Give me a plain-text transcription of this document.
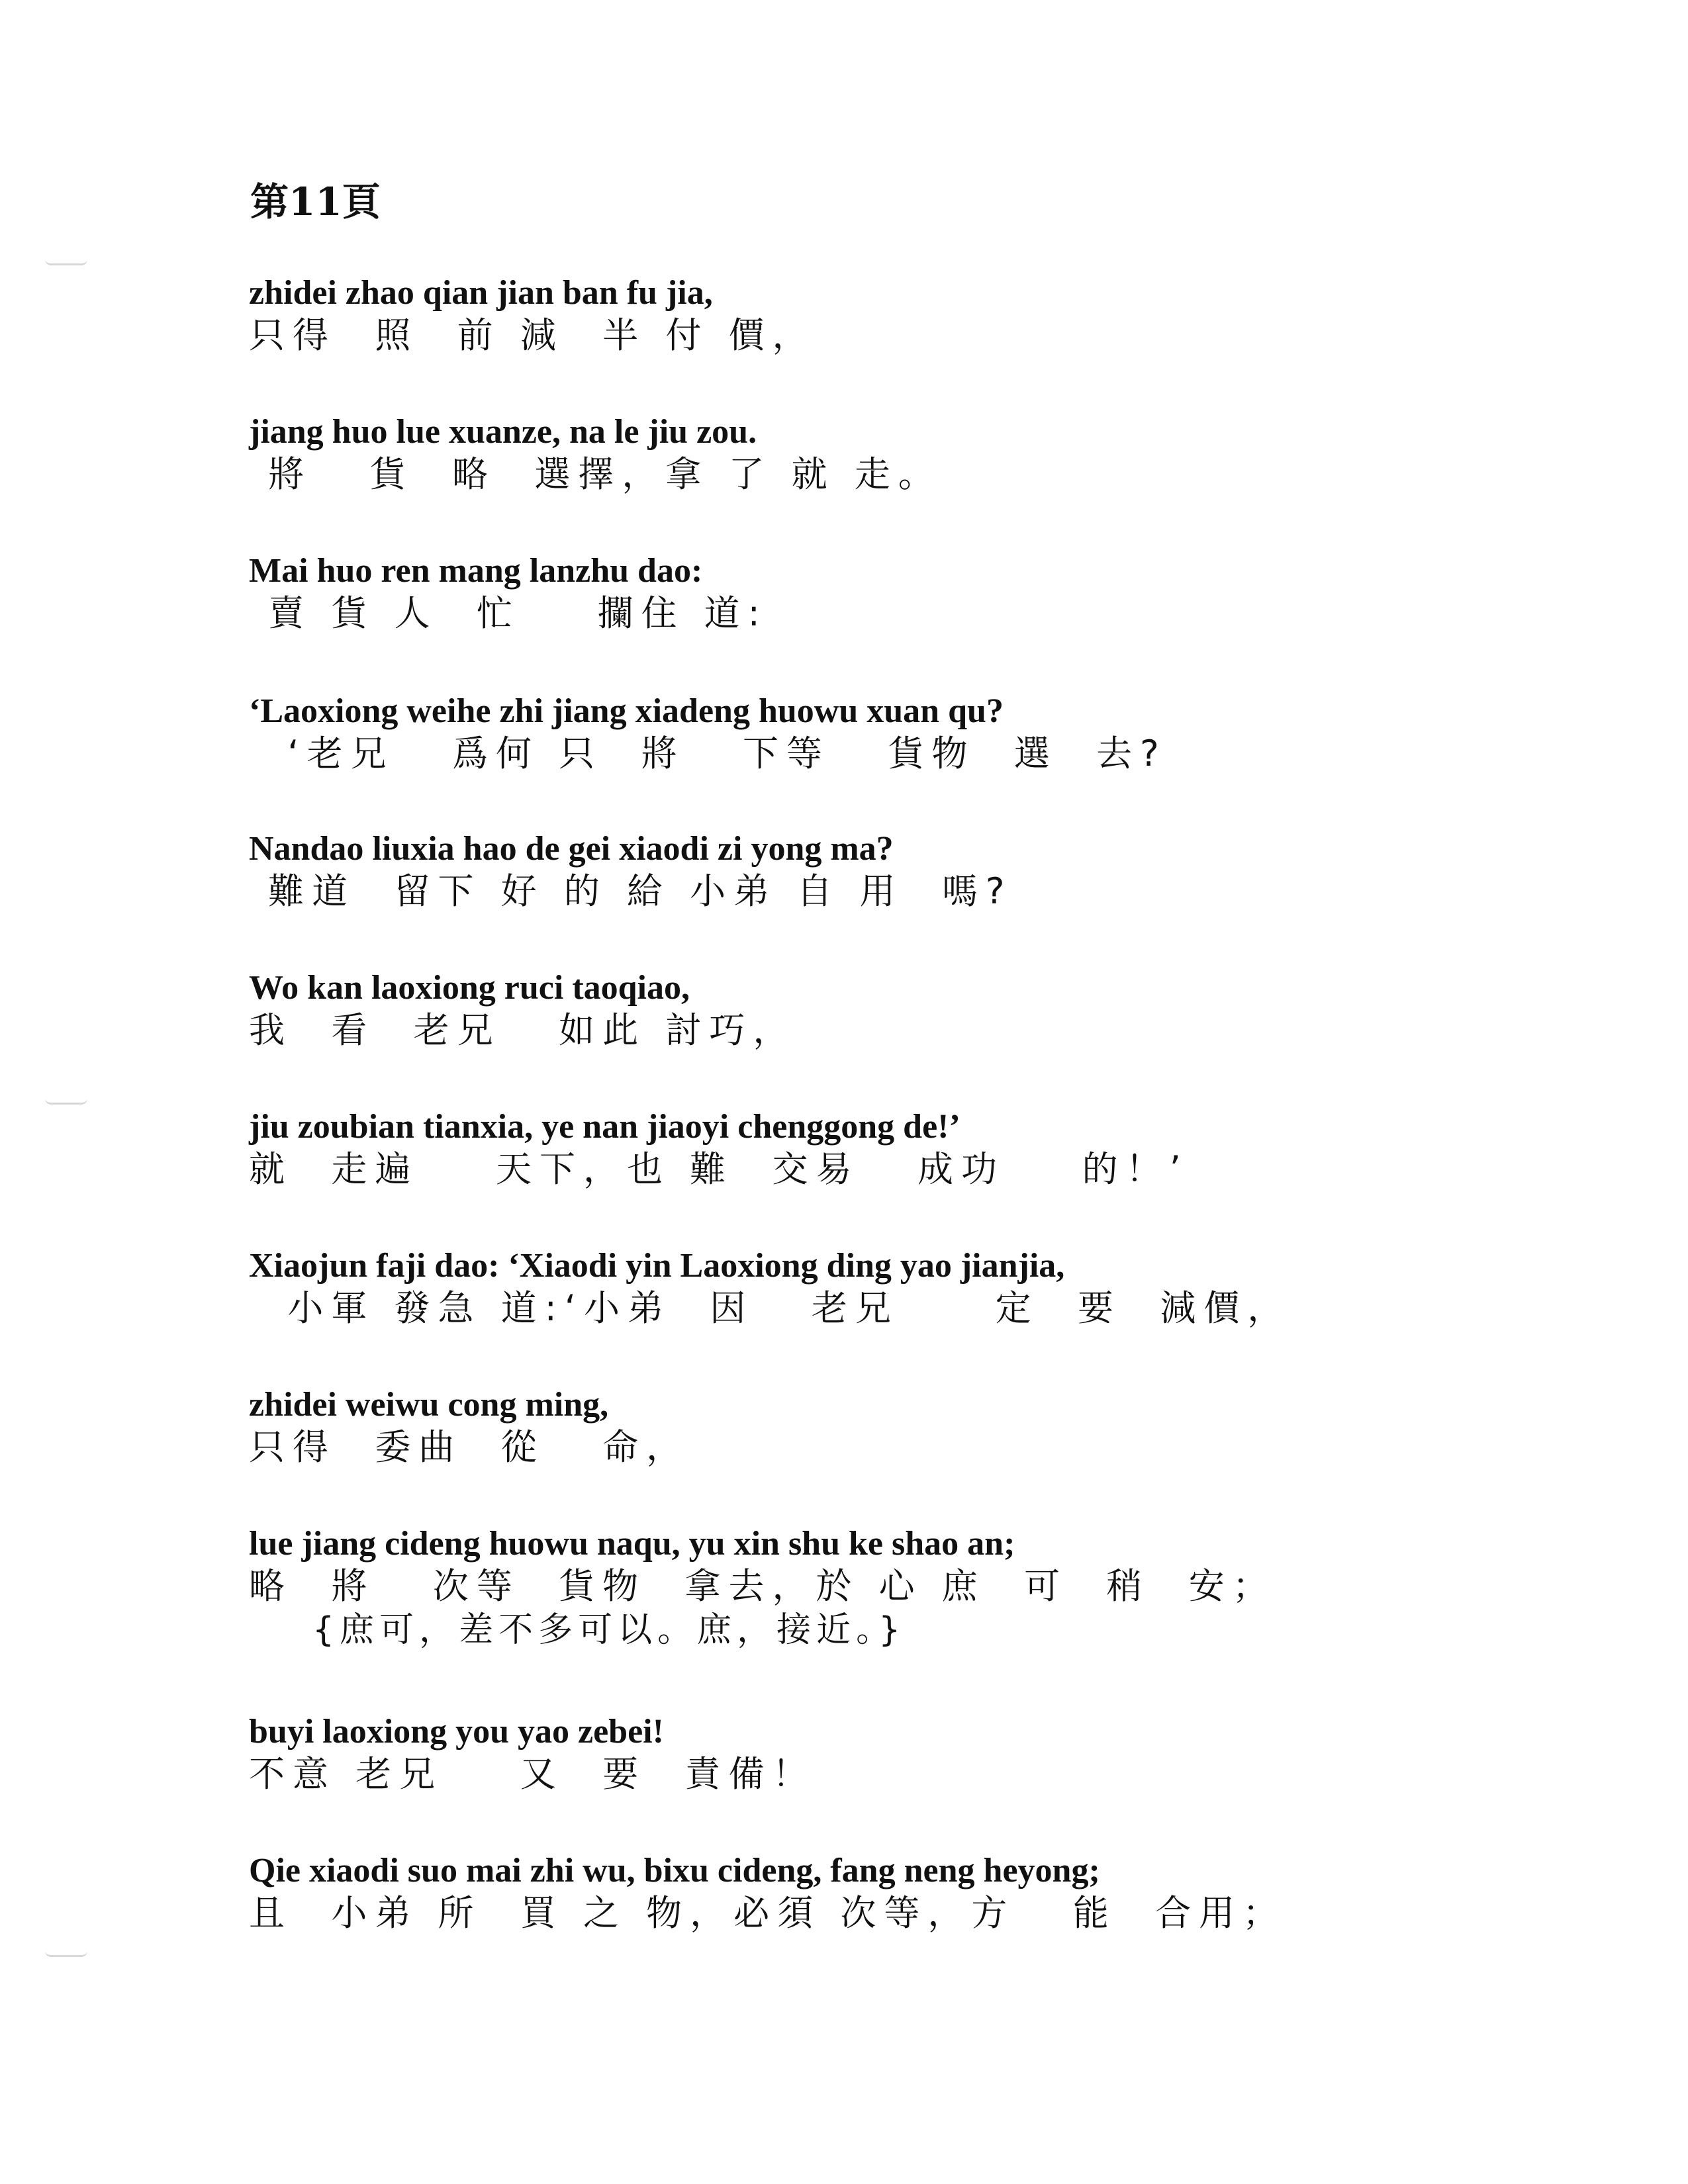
第11頁
zhidei zhao qian jian ban fu jia,
只得  照  前 減  半 付 價，
jiang huo lue xuanze, na le jiu zou.
將   貨  略  選擇，拿 了 就 走。
Mai huo ren mang lanzhu dao:
賣 貨 人  忙    攔住 道:
‘Laoxiong weihe zhi jiang xiadeng huowu xuan qu?
‘老兄   爲何 只  將   下等   貨物  選  去?
Nandao liuxia hao de gei xiaodi zi yong ma?
難道  留下 好 的 給 小弟 自 用  嗎?
Wo kan laoxiong ruci taoqiao,
我  看  老兄   如此 討巧，
jiu zoubian tianxia, ye nan jiaoyi chenggong de!’
就  走遍    天下，也 難  交易   成功    的！’
Xiaojun faji dao: ‘Xiaodi yin Laoxiong ding yao jianjia,
小軍 發急 道:‘小弟  因   老兄     定  要  減價，
zhidei weiwu cong ming,
只得  委曲  從   命，
lue jiang cideng huowu naqu, yu xin shu ke shao an;
略  將   次等  貨物  拿去，於 心 庶  可  稍  安；
{庶可，差不多可以。庶，接近。}
buyi laoxiong you yao zebei!
不意 老兄    又  要  責備！
Qie xiaodi suo mai zhi wu, bixu cideng, fang neng heyong;
且  小弟 所  買 之 物，必須 次等，方   能  合用；
